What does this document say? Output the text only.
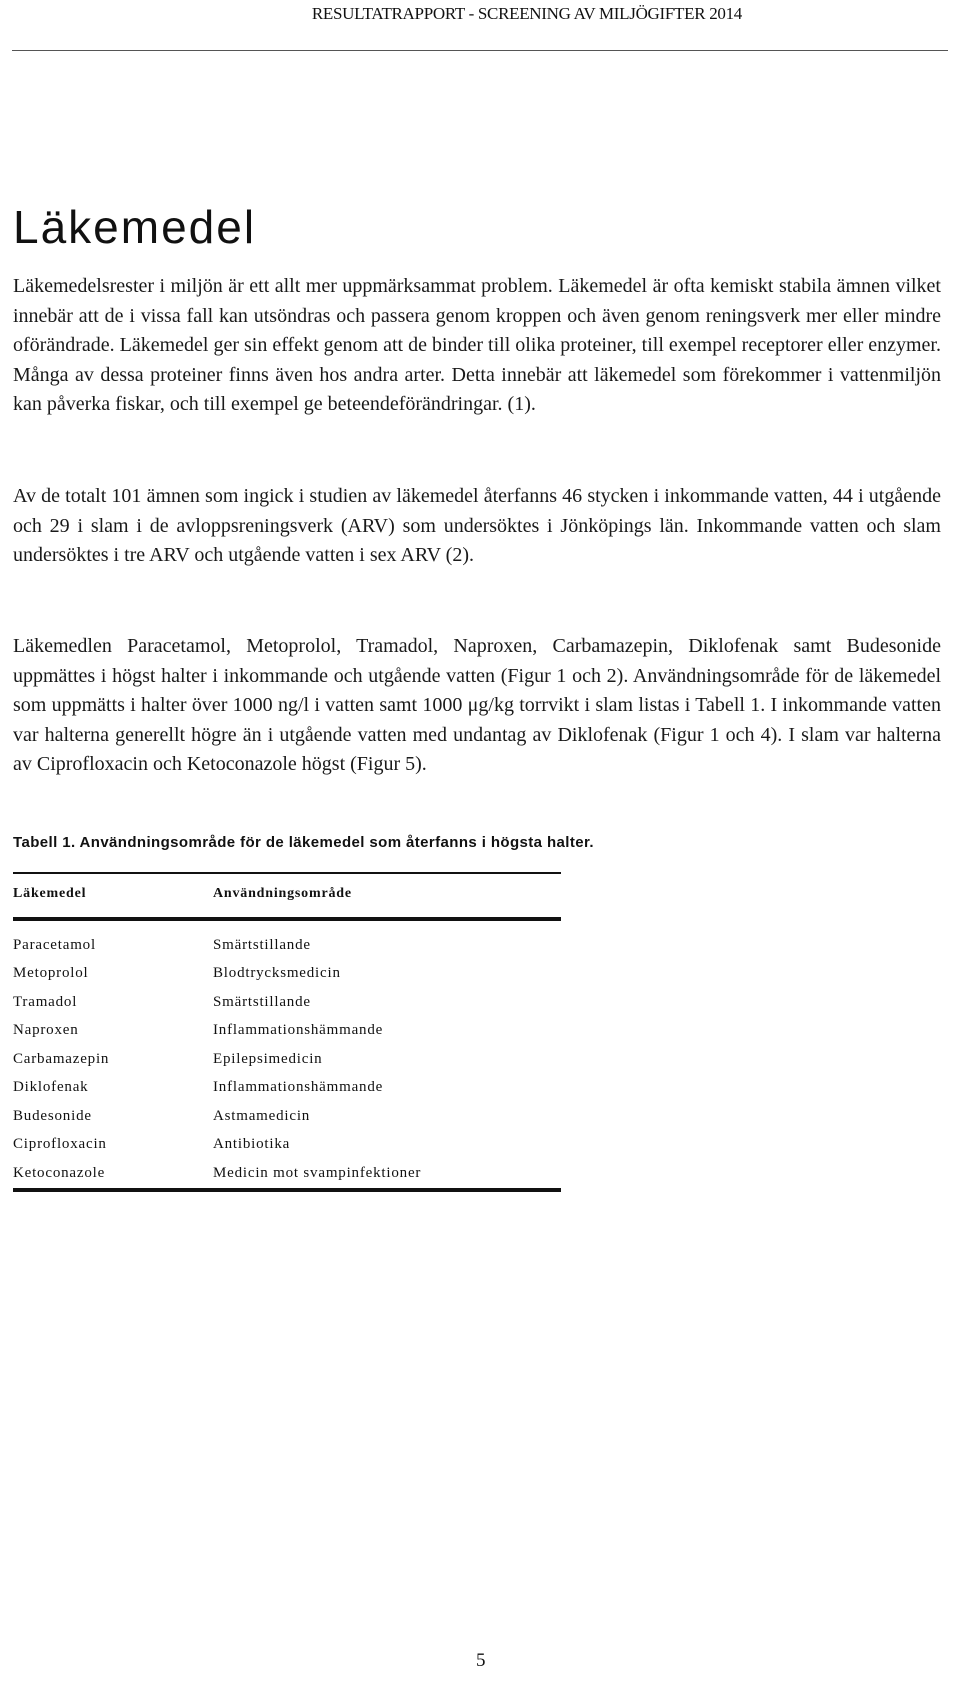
RESULTATRAPPORT - SCREENING AV MILJÖGIFTER 2014
Läkemedel

Läkemedelsrester i miljön är ett allt mer uppmärksammat problem. Läkemedel är ofta kemiskt stabila ämnen vilket innebär att de i vissa fall kan utsöndras och passera genom kroppen och även genom reningsverk mer eller mindre oförändrade. Läkemedel ger sin effekt genom att de binder till olika proteiner, till exempel receptorer eller enzymer. Många av dessa proteiner finns även hos andra arter. Detta innebär att läkemedel som förekommer i vattenmiljön kan påverka fiskar, och till exempel ge beteendeförändringar. (1).

Av de totalt 101 ämnen som ingick i studien av läkemedel återfanns 46 stycken i inkommande vatten, 44 i utgående och 29 i slam i de avloppsreningsverk (ARV) som undersöktes i Jönköpings län. Inkommande vatten och slam undersöktes i tre ARV och utgående vatten i sex ARV (2).

Läkemedlen Paracetamol, Metoprolol, Tramadol, Naproxen, Carbamazepin, Diklofenak samt Budesonide uppmättes i högst halter i inkommande och utgående vatten (Figur 1 och 2). Användningsområde för de läkemedel som uppmätts i halter över 1000 ng/l i vatten samt 1000 μg/kg torrvikt i slam listas i Tabell 1. I inkommande vatten var halterna generellt högre än i utgående vatten med undantag av Diklofenak (Figur 1 och 4). I slam var halterna av Ciprofloxacin och Ketoconazole högst (Figur 5).

Tabell 1. Användningsområde för de läkemedel som återfanns i högsta halter.

Läkemedel	Användningsområde
Paracetamol	Smärtstillande
Metoprolol	Blodtrycksmedicin
Tramadol	Smärtstillande
Naproxen	Inflammationshämmande
Carbamazepin	Epilepsimedicin
Diklofenak	Inflammationshämmande
Budesonide	Astmamedicin
Ciprofloxacin	Antibiotika
Ketoconazole	Medicin mot svampinfektioner
5
